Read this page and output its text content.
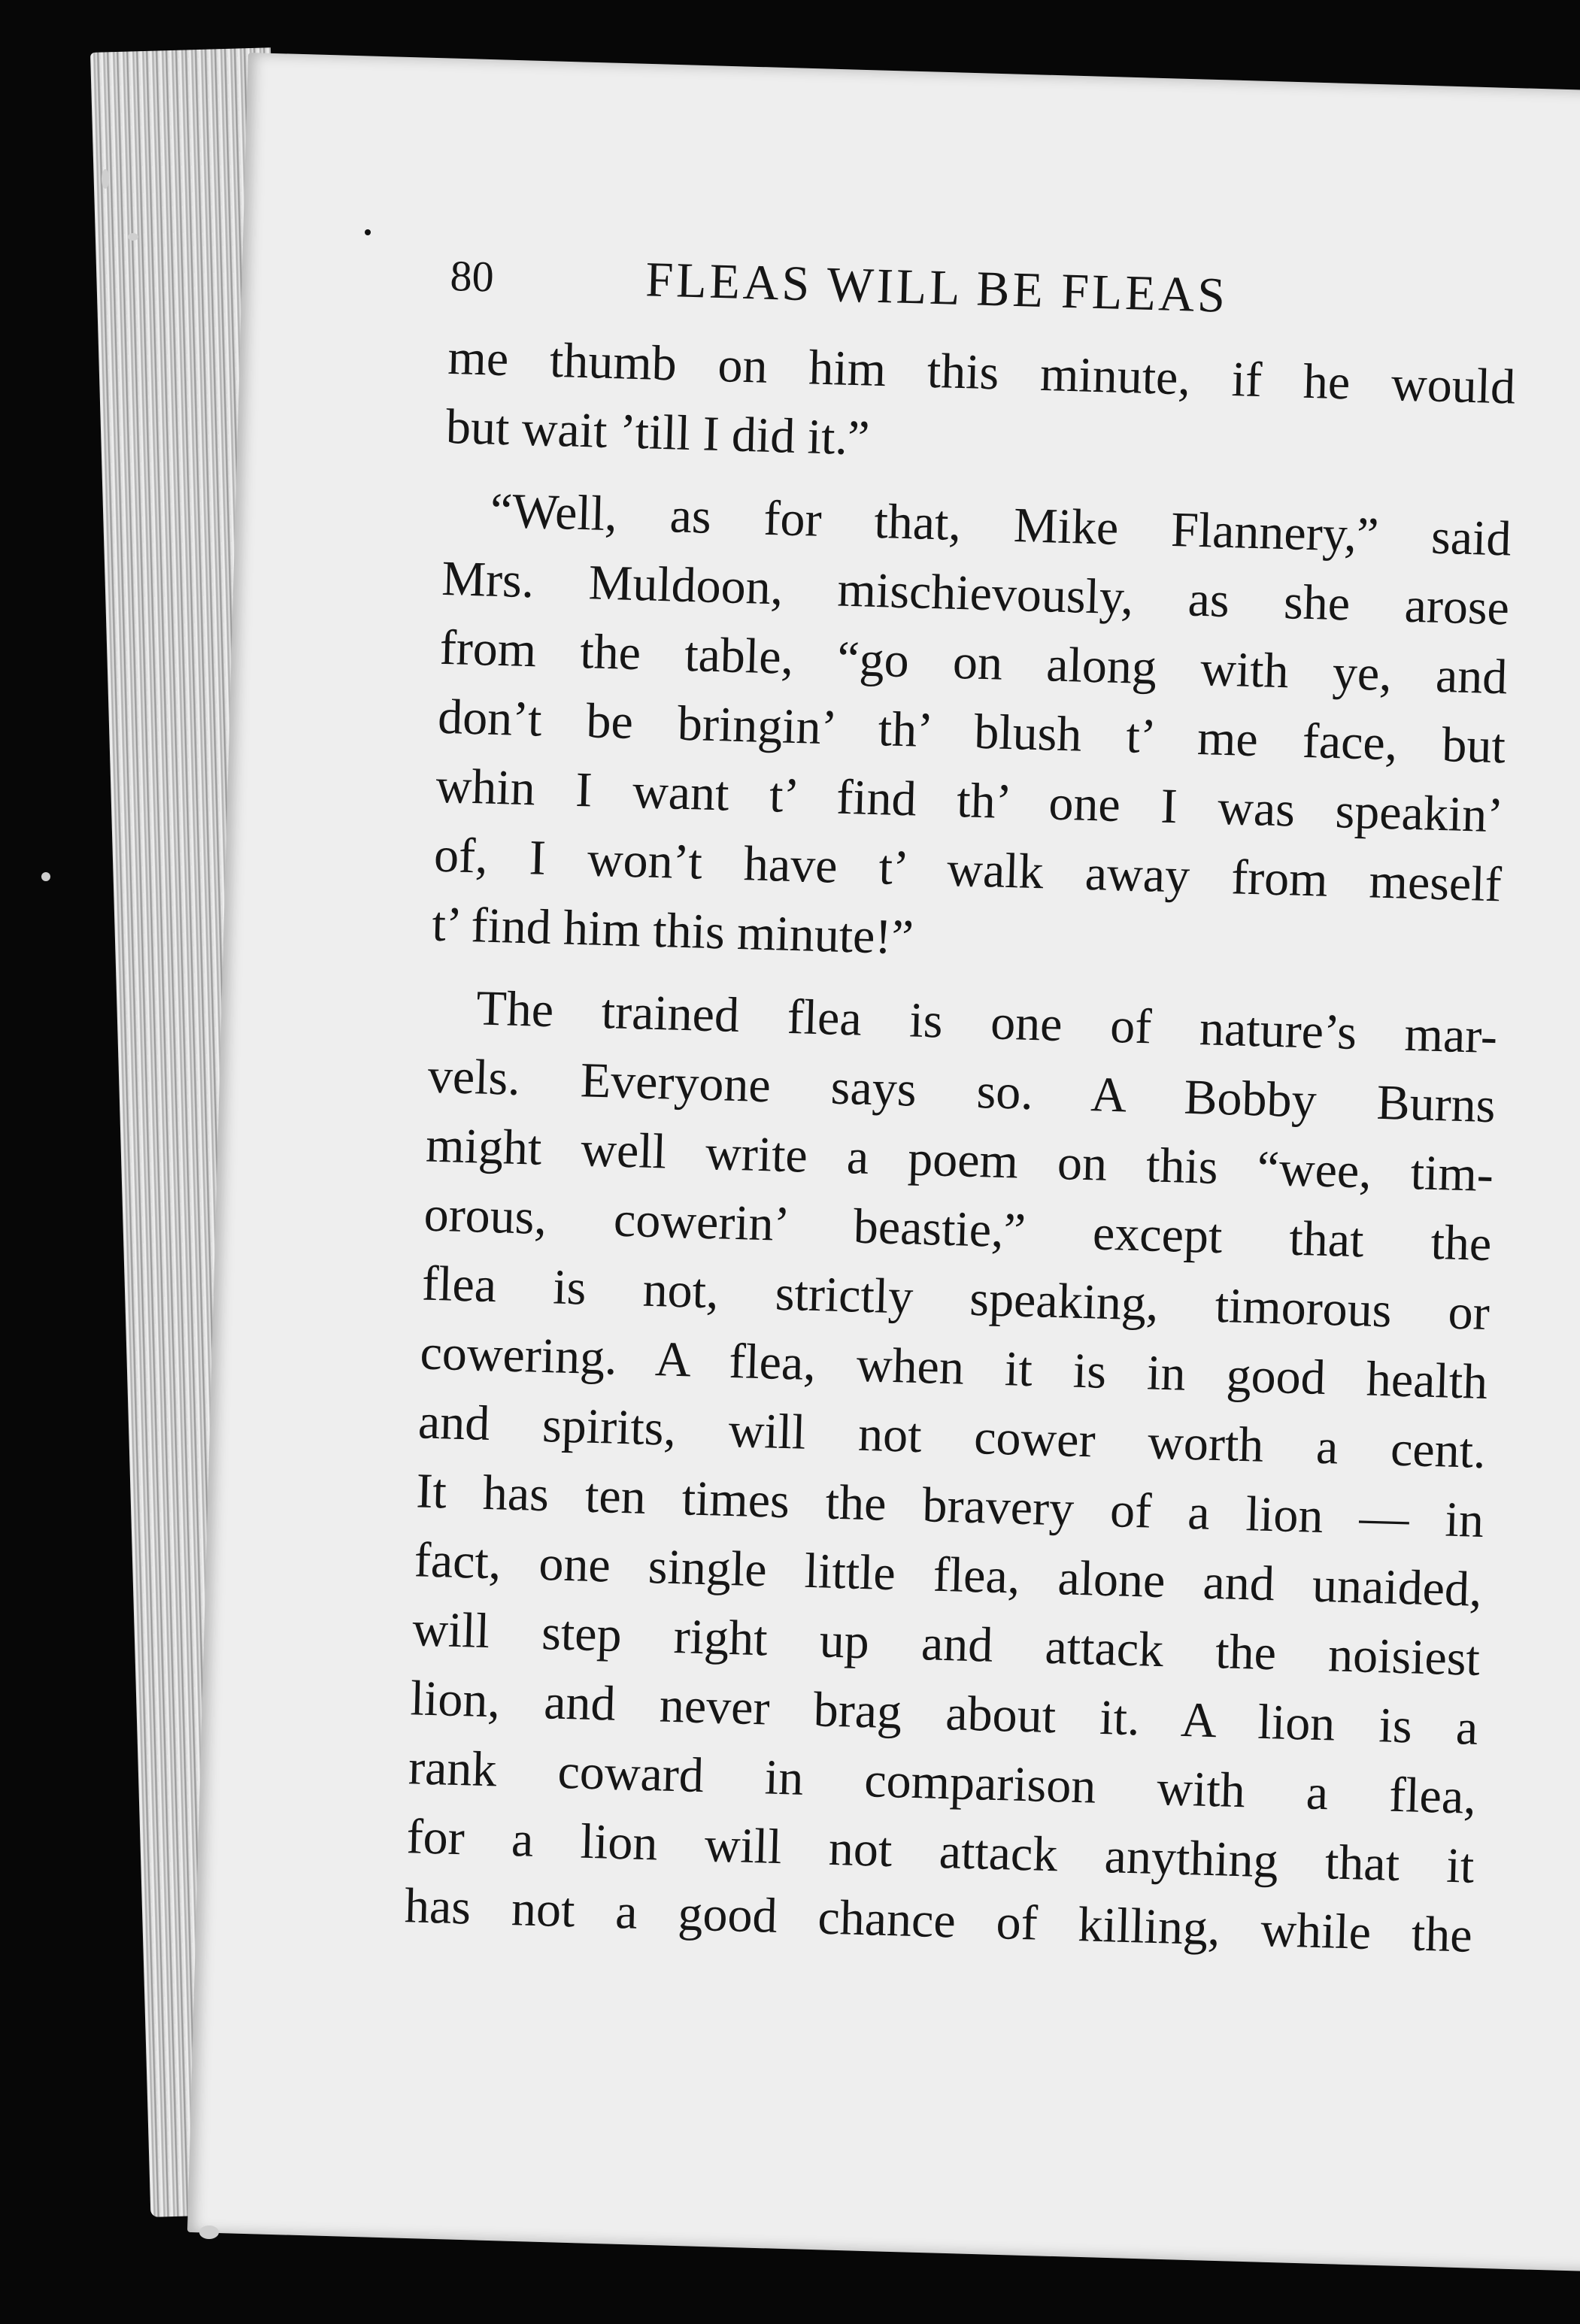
80	FLEAS WILL BE FLEAS

me thumb on him this minute, if he would
but wait ’till I did it.”

“Well, as for that, Mike Flannery,” said
Mrs. Muldoon, mischievously, as she arose
from the table, “go on along with ye, and
don’t be bringin’ th’ blush t’ me face, but
whin I want t’ find th’ one I was speakin’
of, I won’t have t’ walk away from meself
t’ find him this minute!”

The trained flea is one of nature’s mar-
vels. Everyone says so. A Bobby Burns
might well write a poem on this “wee, tim-
orous, cowerin’ beastie,” except that the
flea is not, strictly speaking, timorous or
cowering. A flea, when it is in good health
and spirits, will not cower worth a cent.
It has ten times the bravery of a lion — in
fact, one single little flea, alone and unaided,
will step right up and attack the noisiest
lion, and never brag about it. A lion is a
rank coward in comparison with a flea,
for a lion will not attack anything that it
has not a good chance of killing, while the
